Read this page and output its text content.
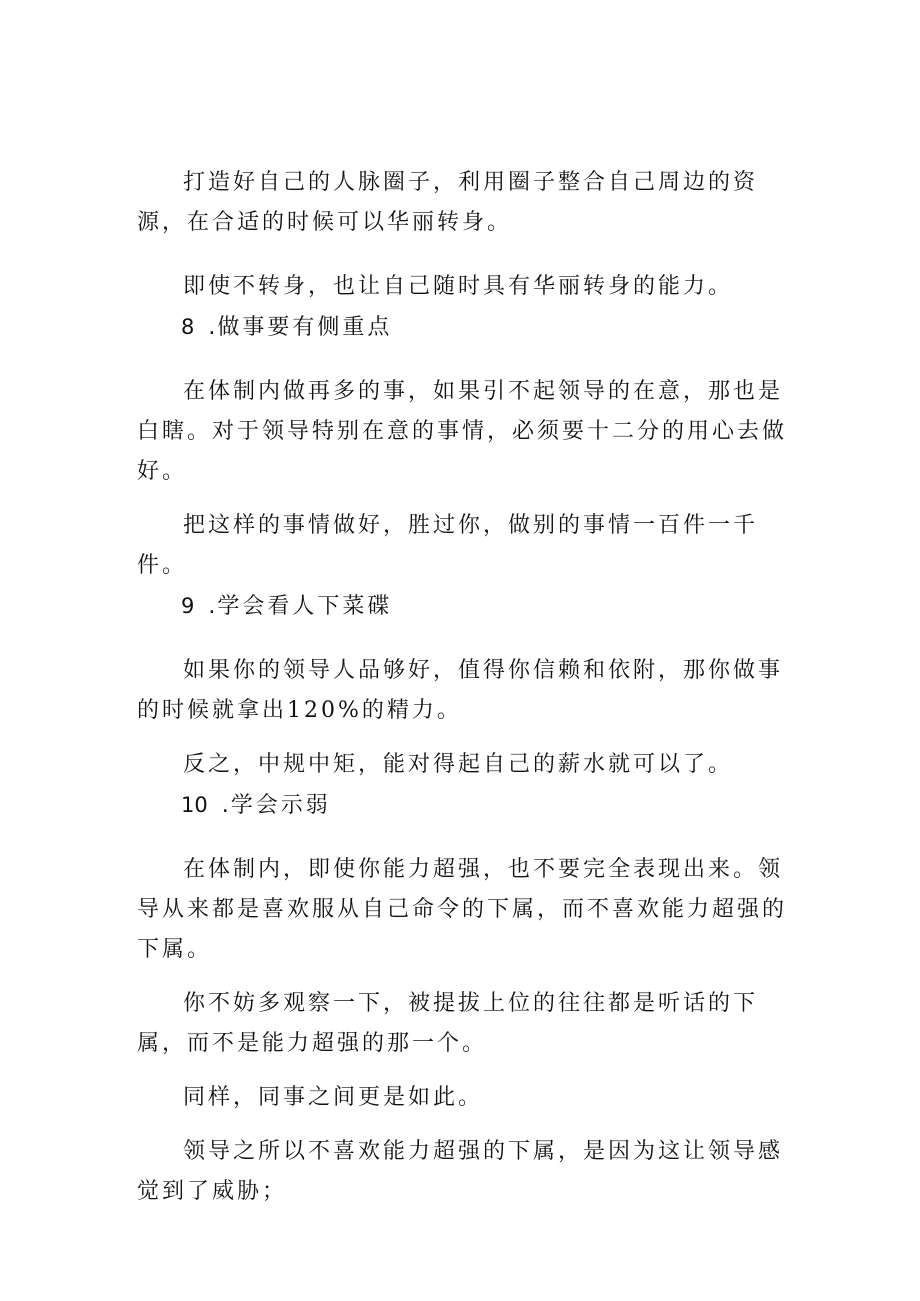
打造好自己的人脉圈子，利用圈子整合自己周边的资源，在合适的时候可以华丽转身。

即使不转身，也让自己随时具有华丽转身的能力。

8 .做事要有侧重点

在体制内做再多的事，如果引不起领导的在意，那也是白瞎。对于领导特别在意的事情，必须要十二分的用心去做好。

把这样的事情做好，胜过你，做别的事情一百件一千件。

9 .学会看人下菜碟

如果你的领导人品够好，值得你信赖和依附，那你做事的时候就拿出120%的精力。

反之，中规中矩，能对得起自己的薪水就可以了。

10 .学会示弱

在体制内，即使你能力超强，也不要完全表现出来。领导从来都是喜欢服从自己命令的下属，而不喜欢能力超强的下属。

你不妨多观察一下，被提拔上位的往往都是听话的下属，而不是能力超强的那一个。

同样，同事之间更是如此。

领导之所以不喜欢能力超强的下属，是因为这让领导感觉到了威胁；
